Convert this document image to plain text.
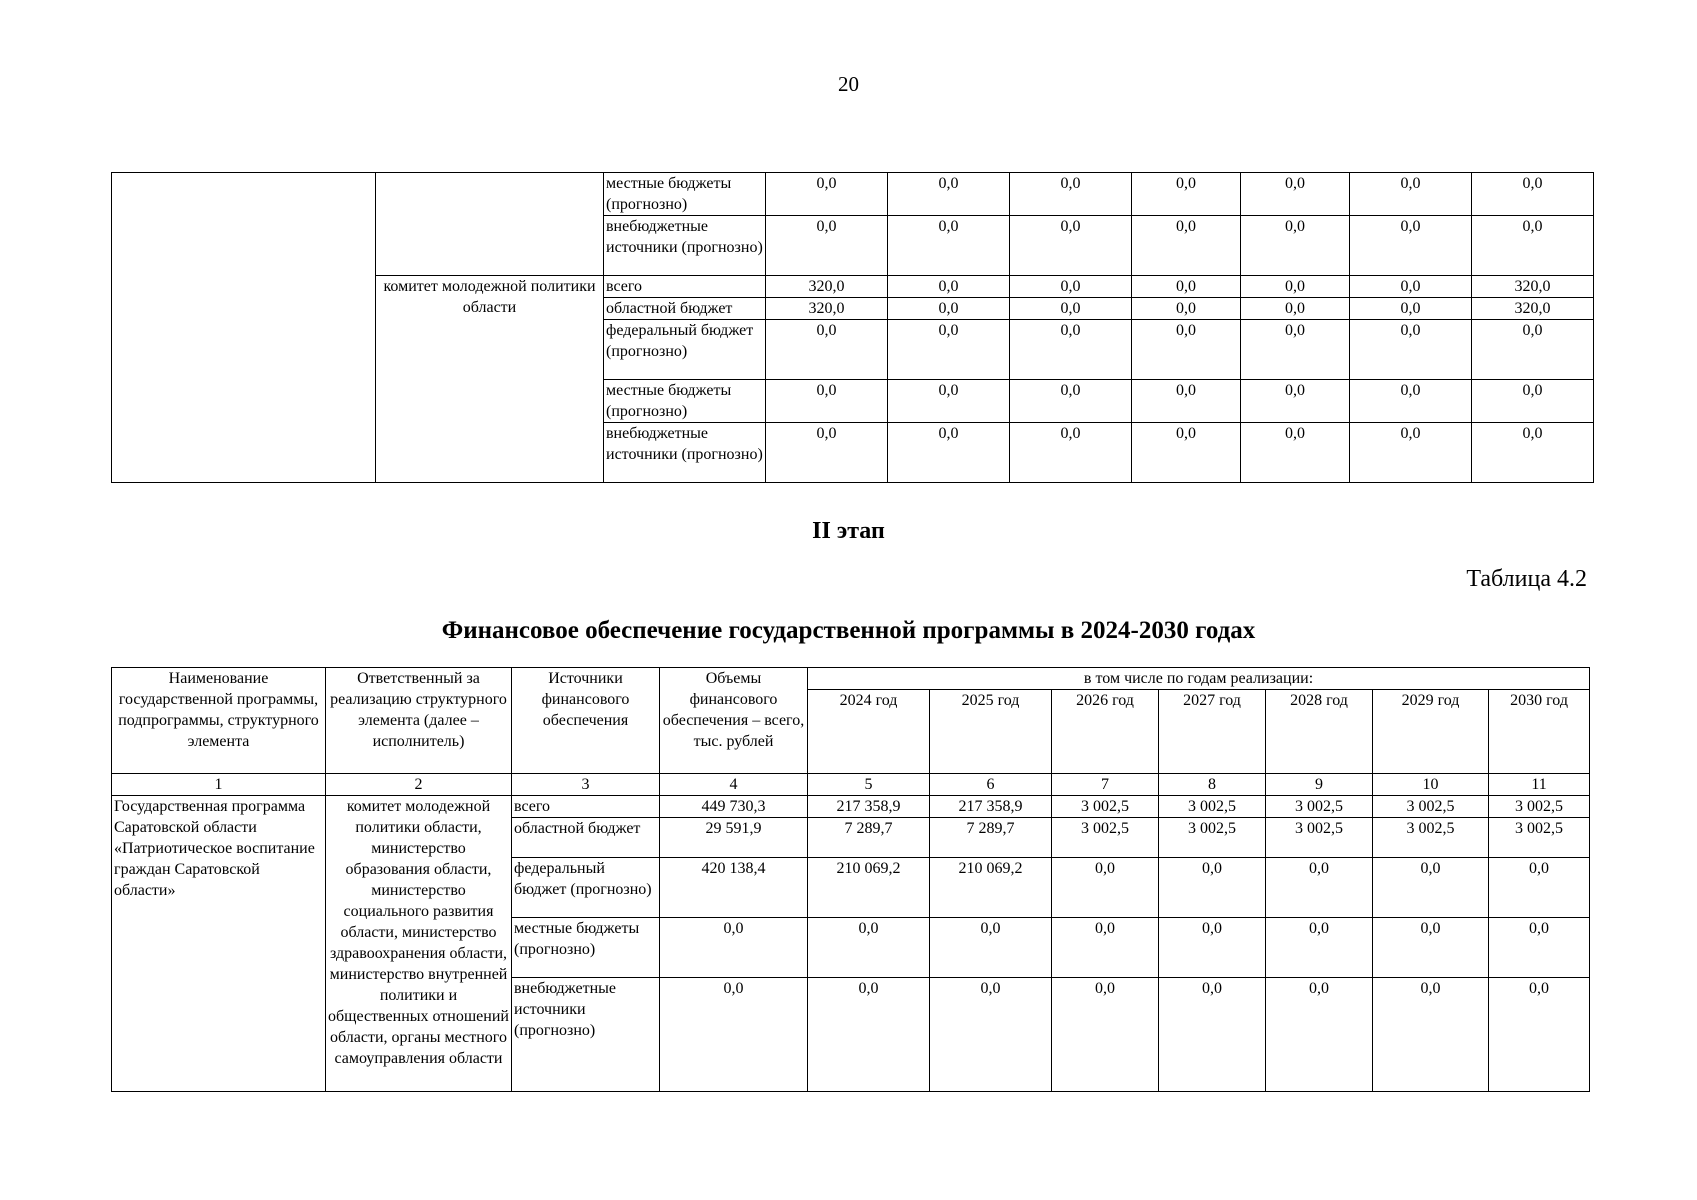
20
		местные бюджеты (прогнозно)	0,0	0,0	0,0	0,0	0,0	0,0	0,0
		внебюджетные источники (прогнозно)	0,0	0,0	0,0	0,0	0,0	0,0	0,0
	комитет молодежной политики области	всего	320,0	0,0	0,0	0,0	0,0	0,0	320,0
		областной бюджет	320,0	0,0	0,0	0,0	0,0	0,0	320,0
		федеральный бюджет (прогнозно)	0,0	0,0	0,0	0,0	0,0	0,0	0,0
		местные бюджеты (прогнозно)	0,0	0,0	0,0	0,0	0,0	0,0	0,0
		внебюджетные источники (прогнозно)	0,0	0,0	0,0	0,0	0,0	0,0	0,0
II этап
Таблица 4.2
Финансовое обеспечение государственной программы в 2024-2030 годах
Наименование государственной программы, подпрограммы, структурного элемента	Ответственный за реализацию структурного элемента (далее – исполнитель)	Источники финансового обеспечения	Объемы финансового обеспечения – всего, тыс. рублей	в том числе по годам реализации:						
				2024 год	2025 год	2026 год	2027 год	2028 год	2029 год	2030 год
1	2	3	4	5	6	7	8	9	10	11
Государственная программа Саратовской области «Патриотическое воспитание граждан Саратовской области»	комитет молодежной политики области, министерство образования области, министерство социального развития области, министерство здравоохранения области, министерство внутренней политики и общественных отношений области, органы местного самоуправления области	всего	449 730,3	217 358,9	217 358,9	3 002,5	3 002,5	3 002,5	3 002,5	3 002,5
		областной бюджет	29 591,9	7 289,7	7 289,7	3 002,5	3 002,5	3 002,5	3 002,5	3 002,5
		федеральный бюджет (прогнозно)	420 138,4	210 069,2	210 069,2	0,0	0,0	0,0	0,0	0,0
		местные бюджеты (прогнозно)	0,0	0,0	0,0	0,0	0,0	0,0	0,0	0,0
		внебюджетные источники (прогнозно)	0,0	0,0	0,0	0,0	0,0	0,0	0,0	0,0
